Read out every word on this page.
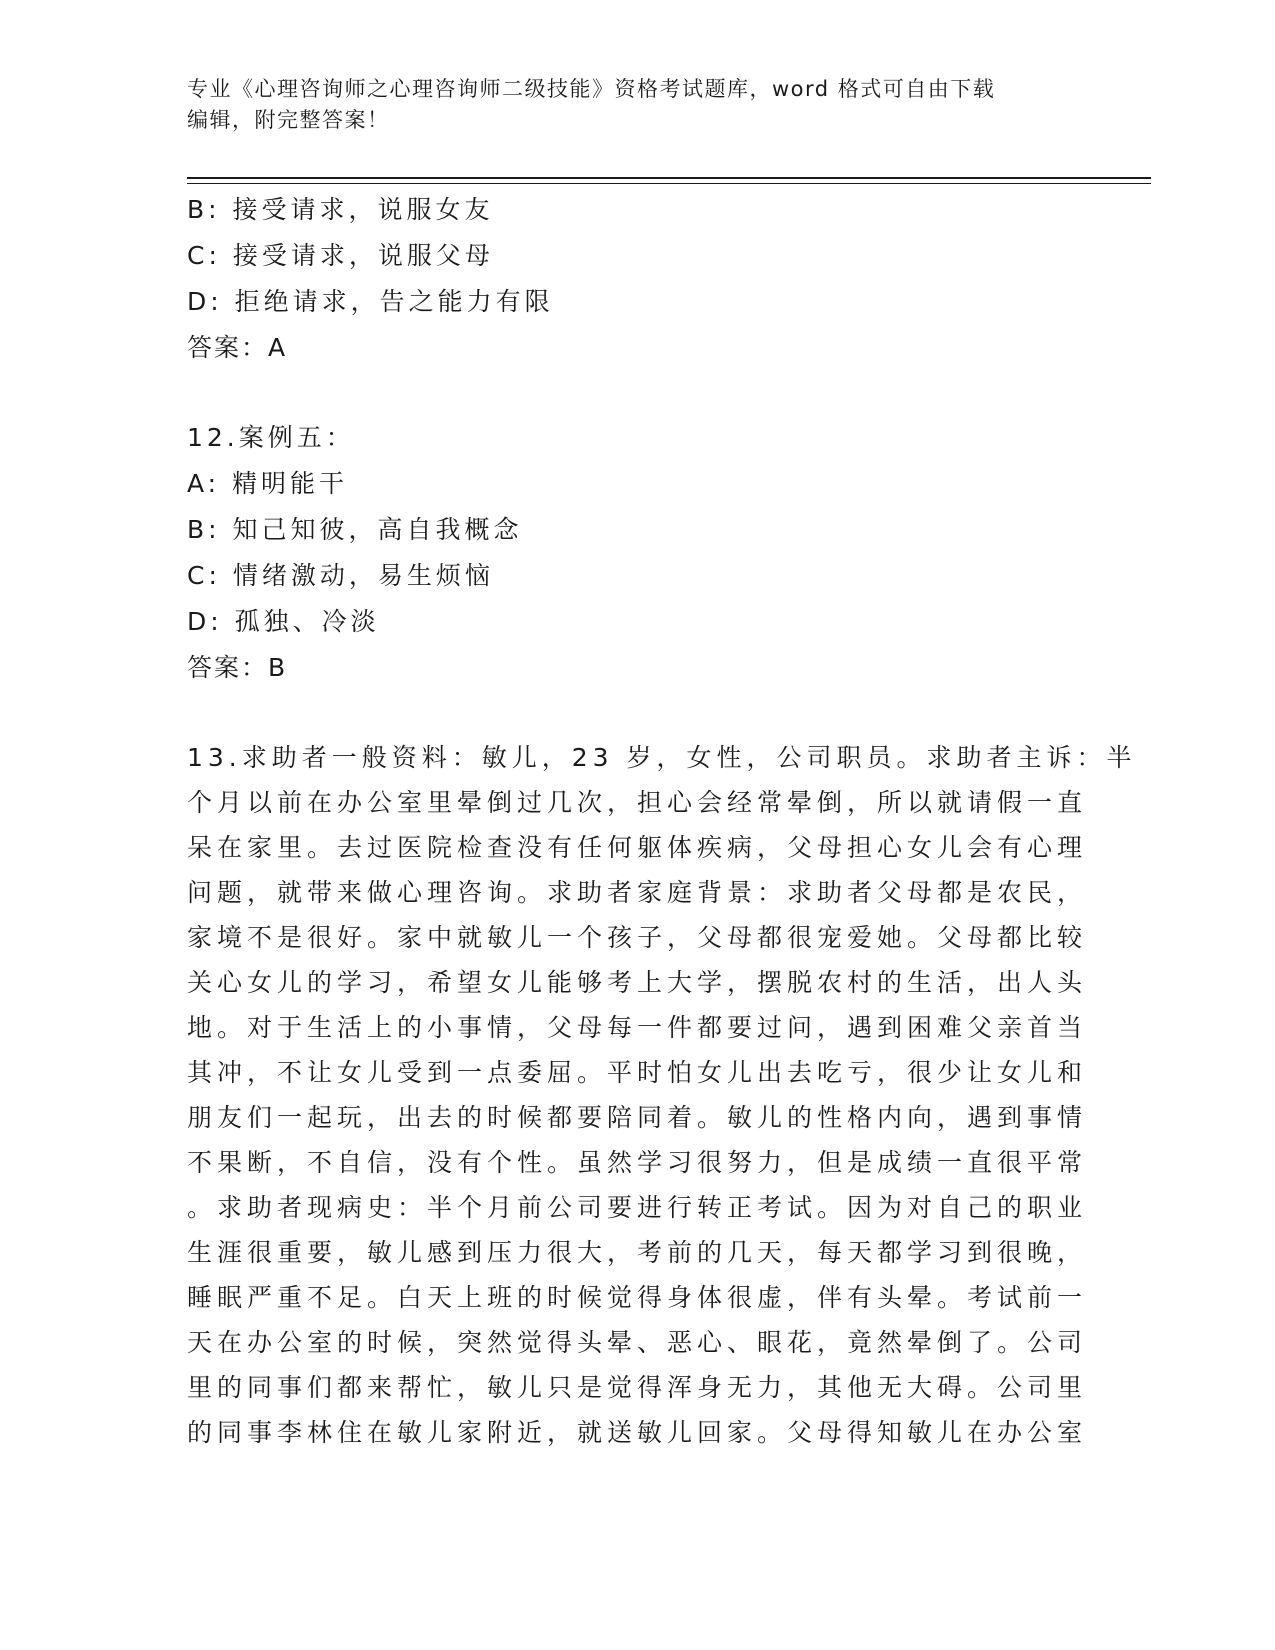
专业《心理咨询师之心理咨询师二级技能》资格考试题库，word 格式可自由下载
编辑，附完整答案！
B: 接受请求，说服女友
C: 接受请求，说服父母
D: 拒绝请求，告之能力有限
答案：A
12.案例五：
A: 精明能干
B: 知己知彼，高自我概念
C: 情绪激动，易生烦恼
D: 孤独、冷淡
答案：B
13.求助者一般资料：敏儿，23 岁，女性，公司职员。求助者主诉：半
个月以前在办公室里晕倒过几次，担心会经常晕倒，所以就请假一直
呆在家里。去过医院检查没有任何躯体疾病，父母担心女儿会有心理
问题，就带来做心理咨询。求助者家庭背景：求助者父母都是农民，
家境不是很好。家中就敏儿一个孩子，父母都很宠爱她。父母都比较
关心女儿的学习，希望女儿能够考上大学，摆脱农村的生活，出人头
地。对于生活上的小事情，父母每一件都要过问，遇到困难父亲首当
其冲，不让女儿受到一点委屈。平时怕女儿出去吃亏，很少让女儿和
朋友们一起玩，出去的时候都要陪同着。敏儿的性格内向，遇到事情
不果断，不自信，没有个性。虽然学习很努力，但是成绩一直很平常
。求助者现病史：半个月前公司要进行转正考试。因为对自己的职业
生涯很重要，敏儿感到压力很大，考前的几天，每天都学习到很晚，
睡眠严重不足。白天上班的时候觉得身体很虚，伴有头晕。考试前一
天在办公室的时候，突然觉得头晕、恶心、眼花，竟然晕倒了。公司
里的同事们都来帮忙，敏儿只是觉得浑身无力，其他无大碍。公司里
的同事李林住在敏儿家附近，就送敏儿回家。父母得知敏儿在办公室
